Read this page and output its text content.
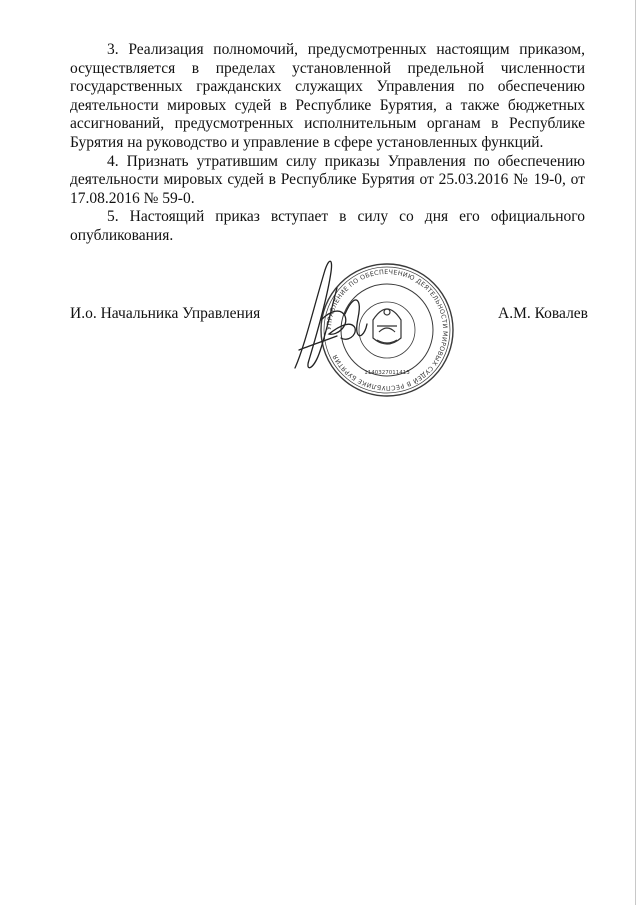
3. Реализация полномочий, предусмотренных настоящим приказом, осуществляется в пределах установленной предельной численности государственных гражданских служащих Управления по обеспечению деятельности мировых судей в Республике Бурятия, а также бюджетных ассигнований, предусмотренных исполнительным органам в Республике Бурятия на руководство и управление в сфере установленных функций.

4. Признать утратившим силу приказы Управления по обеспечению деятельности мировых судей в Республике Бурятия от 25.03.2016 № 19-0, от 17.08.2016 № 59-0.

5. Настоящий приказ вступает в силу со дня его официального опубликования.

И.о. Начальника Управления	А.М. Ковалев
УПРАВЛЕНИЕ ПО ОБЕСПЕЧЕНИЮ ДЕЯТЕЛЬНОСТИ МИРОВЫХ СУДЕЙ В РЕСПУБЛИКЕ БУРЯТИЯ
1140327011413
